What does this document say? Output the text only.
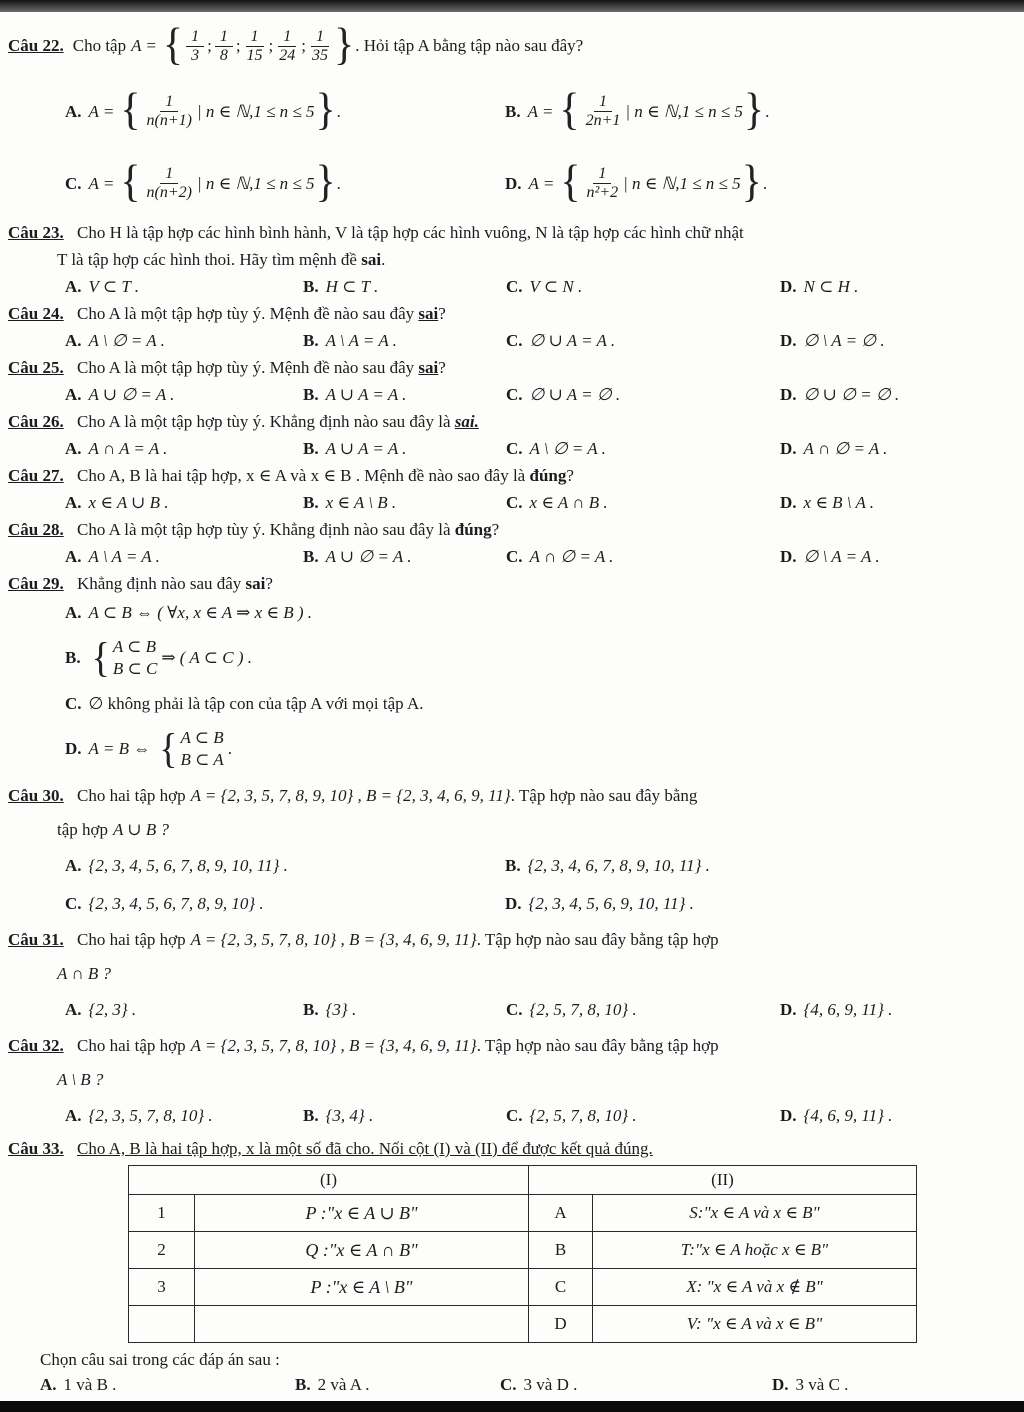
Câu 22. Cho tập A = { $\frac{1}{3}$ ; $\frac{1}{8}$ ; $\frac{1}{15}$ ; $\frac{1}{24}$ ; $\frac{1}{35}$ } . Hỏi tập A bằng tập nào sau đây?
A. A = { $\frac{1}{n(n+1)}$ | n ∈ ℕ,1 ≤ n ≤ 5 } .	B. A = { $\frac{1}{2n+1}$ | n ∈ ℕ,1 ≤ n ≤ 5 } .
C. A = { $\frac{1}{n(n+2)}$ | n ∈ ℕ,1 ≤ n ≤ 5 } .	D. A = { $\frac{1}{\text{n²+2}}$ | n ∈ ℕ,1 ≤ n ≤ 5 } .
Câu 23. Cho H là tập hợp các hình bình hành, V là tập hợp các hình vuông, N là tập hợp các hình chữ nhật
T là tập hợp các hình thoi. Hãy tìm mệnh đề sai.
A. V ⊂ T .	B. H ⊂ T .	C. V ⊂ N .	D. N ⊂ H .
Câu 24. Cho A là một tập hợp tùy ý. Mệnh đề nào sau đây sai?
A. A \ ∅ = A .	B. A \ A = A .	C. ∅ ∪ A = A .	D. ∅ \ A = ∅ .
Câu 25. Cho A là một tập hợp tùy ý. Mệnh đề nào sau đây sai?
A. A ∪ ∅ = A .	B. A ∪ A = A .	C. ∅ ∪ A = ∅ .	D. ∅ ∪ ∅ = ∅ .
Câu 26. Cho A là một tập hợp tùy ý. Khẳng định nào sau đây là sai.
A. A ∩ A = A .	B. A ∪ A = A .	C. A \ ∅ = A .	D. A ∩ ∅ = A .
Câu 27. Cho A, B là hai tập hợp, x ∈ A và x ∈ B . Mệnh đề nào sao đây là đúng?
A. x ∈ A ∪ B .	B. x ∈ A \ B .	C. x ∈ A ∩ B .	D. x ∈ B \ A .
Câu 28. Cho A là một tập hợp tùy ý. Khẳng định nào sau đây là đúng?
A. A \ A = A .	B. A ∪ ∅ = A .	C. A ∩ ∅ = A .	D. ∅ \ A = A .
Câu 29. Khẳng định nào sau đây sai?
A. A ⊂ B ⇔ ( ∀x, x ∈ A ⇒ x ∈ B ) .
B. { A ⊂ B
B ⊂ C
⇒ ( A ⊂ C ) .
C. ∅ không phải là tập con của tập A với mọi tập A.
D. A = B ⇔ { A ⊂ B
B ⊂ A
.
Câu 30. Cho hai tập hợp A = {2, 3, 5, 7, 8, 9, 10} , B = {2, 3, 4, 6, 9, 11}. Tập hợp nào sau đây bằng
tập hợp A ∪ B ?
A. {2, 3, 4, 5, 6, 7, 8, 9, 10, 11} .	B. {2, 3, 4, 6, 7, 8, 9, 10, 11} .
C. {2, 3, 4, 5, 6, 7, 8, 9, 10} .	D. {2, 3, 4, 5, 6, 9, 10, 11} .
Câu 31. Cho hai tập hợp A = {2, 3, 5, 7, 8, 10} , B = {3, 4, 6, 9, 11}. Tập hợp nào sau đây bằng tập hợp
A ∩ B ?
A. {2, 3} .	B. {3} .	C. {2, 5, 7, 8, 10} .	D. {4, 6, 9, 11} .
Câu 32. Cho hai tập hợp A = {2, 3, 5, 7, 8, 10} , B = {3, 4, 6, 9, 11}. Tập hợp nào sau đây bằng tập hợp
A \ B ?
A. {2, 3, 5, 7, 8, 10} .	B. {3, 4} .	C. {2, 5, 7, 8, 10} .	D. {4, 6, 9, 11} .
Câu 33. Cho A, B là hai tập hợp, x là một số đã cho. Nối cột (I) và (II) để được kết quả đúng.
(I)		(II)	
1	P :"x ∈ A ∪ B"	A	S:"x ∈ A và x ∈ B"
2	Q :"x ∈ A ∩ B"	B	T:"x ∈ A hoặc x ∈ B"
3	P :"x ∈ A \ B"	C	X: "x ∈ A và x ∉ B"
		D	V: "x ∈ A và x ∈ B"
Chọn câu sai trong các đáp án sau :
A. 1 và B .	B. 2 và A .	C. 3 và D .	D. 3 và C .
